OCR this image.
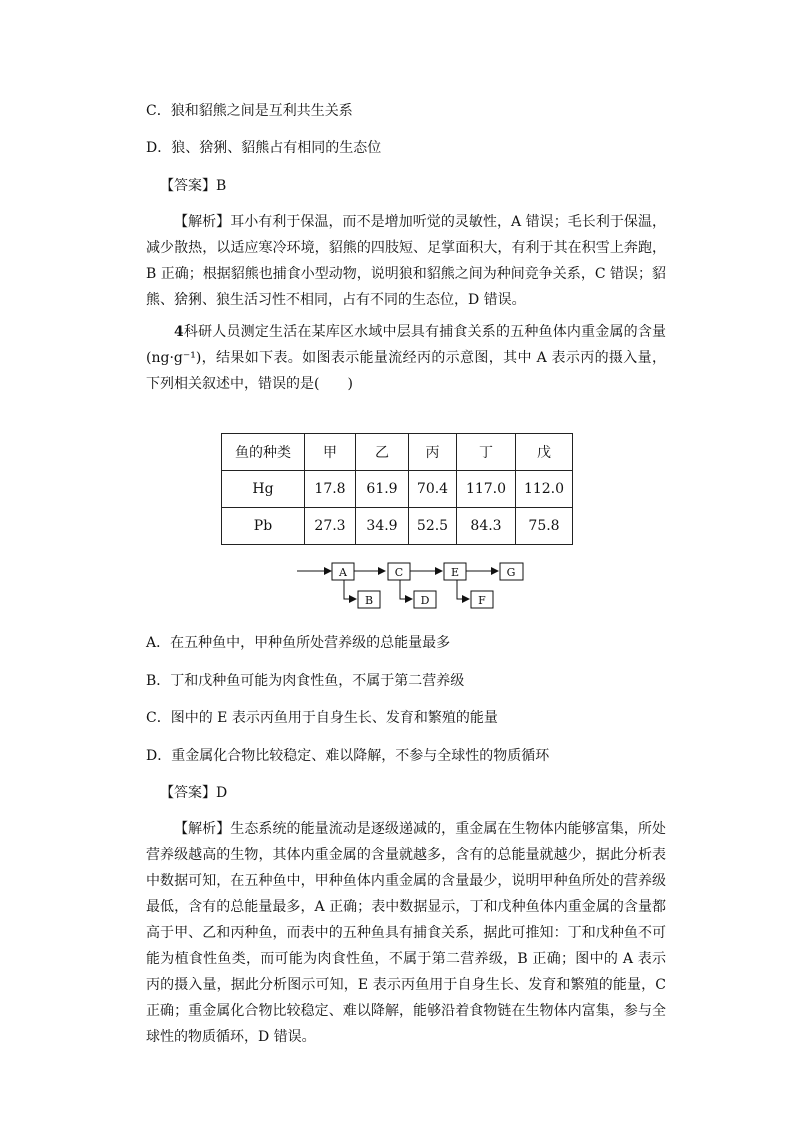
C．狼和貂熊之间是互利共生关系
D．狼、猞猁、貂熊占有相同的生态位
【答案】B
【解析】耳小有利于保温，而不是增加听觉的灵敏性，A 错误；毛长利于保温，减少散热，以适应寒冷环境，貂熊的四肢短、足掌面积大，有利于其在积雪上奔跑，B 正确；根据貂熊也捕食小型动物，说明狼和貂熊之间为种间竞争关系，C 错误；貂熊、猞猁、狼生活习性不相同，占有不同的生态位，D 错误。
4科研人员测定生活在某库区水域中层具有捕食关系的五种鱼体内重金属的含量(ng·g⁻¹)，结果如下表。如图表示能量流经丙的示意图，其中 A 表示丙的摄入量，下列相关叙述中，错误的是(　　)
鱼的种类	甲	乙	丙	丁	戊
Hg	17.8	61.9	70.4	117.0	112.0
Pb	27.3	34.9	52.5	84.3	75.8
A	C	E	G
B	D	F
A．在五种鱼中，甲种鱼所处营养级的总能量最多
B．丁和戊种鱼可能为肉食性鱼，不属于第二营养级
C．图中的 E 表示丙鱼用于自身生长、发育和繁殖的能量
D．重金属化合物比较稳定、难以降解，不参与全球性的物质循环
【答案】D
【解析】生态系统的能量流动是逐级递减的，重金属在生物体内能够富集，所处营养级越高的生物，其体内重金属的含量就越多，含有的总能量就越少，据此分析表中数据可知，在五种鱼中，甲种鱼体内重金属的含量最少，说明甲种鱼所处的营养级最低，含有的总能量最多，A 正确；表中数据显示，丁和戊种鱼体内重金属的含量都高于甲、乙和丙种鱼，而表中的五种鱼具有捕食关系，据此可推知：丁和戊种鱼不可能为植食性鱼类，而可能为肉食性鱼，不属于第二营养级，B 正确；图中的 A 表示丙的摄入量，据此分析图示可知，E 表示丙鱼用于自身生长、发育和繁殖的能量，C 正确；重金属化合物比较稳定、难以降解，能够沿着食物链在生物体内富集，参与全球性的物质循环，D 错误。
